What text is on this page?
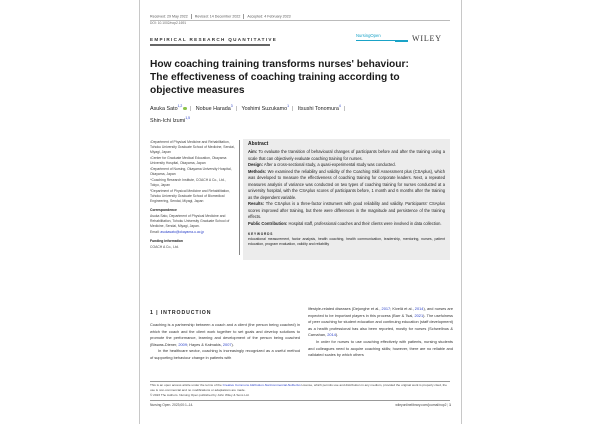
Received: 29 May 2022 Revised: 14 December 2022 Accepted: 4 February 2023
DOI: 10.1002/nop2.1691
EMPIRICAL RESEARCH QUANTITATIVE
NursingOpen	WILEY
How coaching training transforms nurses' behaviour: The effectiveness of coaching training according to objective measures
Asuka Sato$^{1,2}$ | Nobue Harada$^3$ | Yoshimi Suzukamo$^1$ | Itsushi Tonomura$^4$ |
Shin-Ichi Izumi$^{1,5}$

¹Department of Physical Medicine and Rehabilitation, Tohoku University Graduate School of Medicine, Sendai, Miyagi, Japan

²Center for Graduate Medical Education, Okayama University Hospital, Okayama, Japan

³Department of Nursing, Okayama University Hospital, Okayama, Japan

⁴Coaching Research Institute, COACH A Co., Ltd., Tokyo, Japan

⁵Department of Physical Medicine and Rehabilitation, Tohoku University Graduate School of Biomedical Engineering, Sendai, Miyagi, Japan

Correspondence

Asuka Sato, Department of Physical Medicine and Rehabilitation, Tohoku University Graduate School of Medicine, Sendai, Miyagi, Japan.

Email: asukasato@okayama-u.ac.jp

Funding information

COACH A Co., Ltd.

Abstract

Aim: To evaluate the transition of behavioural changes of participants before and after the training using a scale that can objectively evaluate coaching training for nurses.

Design: After a cross-sectional study, a quasi-experimental study was conducted.

Methods: We examined the reliability and validity of the Coaching Skill Assessment plus (CSAplus), which was developed to measure the effectiveness of coaching training for corporate leaders. Next, a repeated measures analysis of variance was conducted on two types of coaching training for nurses conducted at a university hospital, with the CSAplus scores of participants before, 1 month and 6 months after the training as the dependent variable.

Results: The CSAplus is a three-factor instrument with good reliability and validity. Participants' CSAplus scores improved after training, but there were differences in the magnitude and persistence of the training effects.

Public Contribution: Hospital staff, professional coaches and their clients were involved in data collection.

KEYWORDS
educational measurement, factor analysis, health coaching, health communication, leadership, mentoring, nurses, patient education, program evaluation, validity and reliability
1 | INTRODUCTION

Coaching is a partnership between a coach and a client (the person being coached) in which the coach and the client work together to set goals and develop solutions to promote the performance, learning and development of the person being coached (Biswas-Diener, 2009; Hayes & Kalmakis, 2007).

In the healthcare sector, coaching is increasingly recognized as a useful method of supporting behaviour change in patients with

lifestyle-related diseases (Dejonghe et al., 2017; Kivelä et al., 2014), and nurses are expected to be important players in this process (Barr & Tsai, 2021). The usefulness of peer coaching for student education and continuing education (staff development) as a health professional has also been reported, mostly for nurses (Schwellnus & Carnahan, 2014).

In order for nurses to use coaching effectively with patients, nursing students and colleagues need to acquire coaching skills; however, there are no reliable and validated scales by which others

This is an open access article under the terms of the Creative Commons Attribution-NonCommercial-NoDerivs License, which permits use and distribution in any medium, provided the original work is properly cited, the use is non-commercial and no modifications or adaptations are made.
© 2023 The Authors. Nursing Open published by John Wiley & Sons Ltd.
Nursing Open. 2023;00:1–14.	wileyonlinelibrary.com/journal/nop2 | 1
